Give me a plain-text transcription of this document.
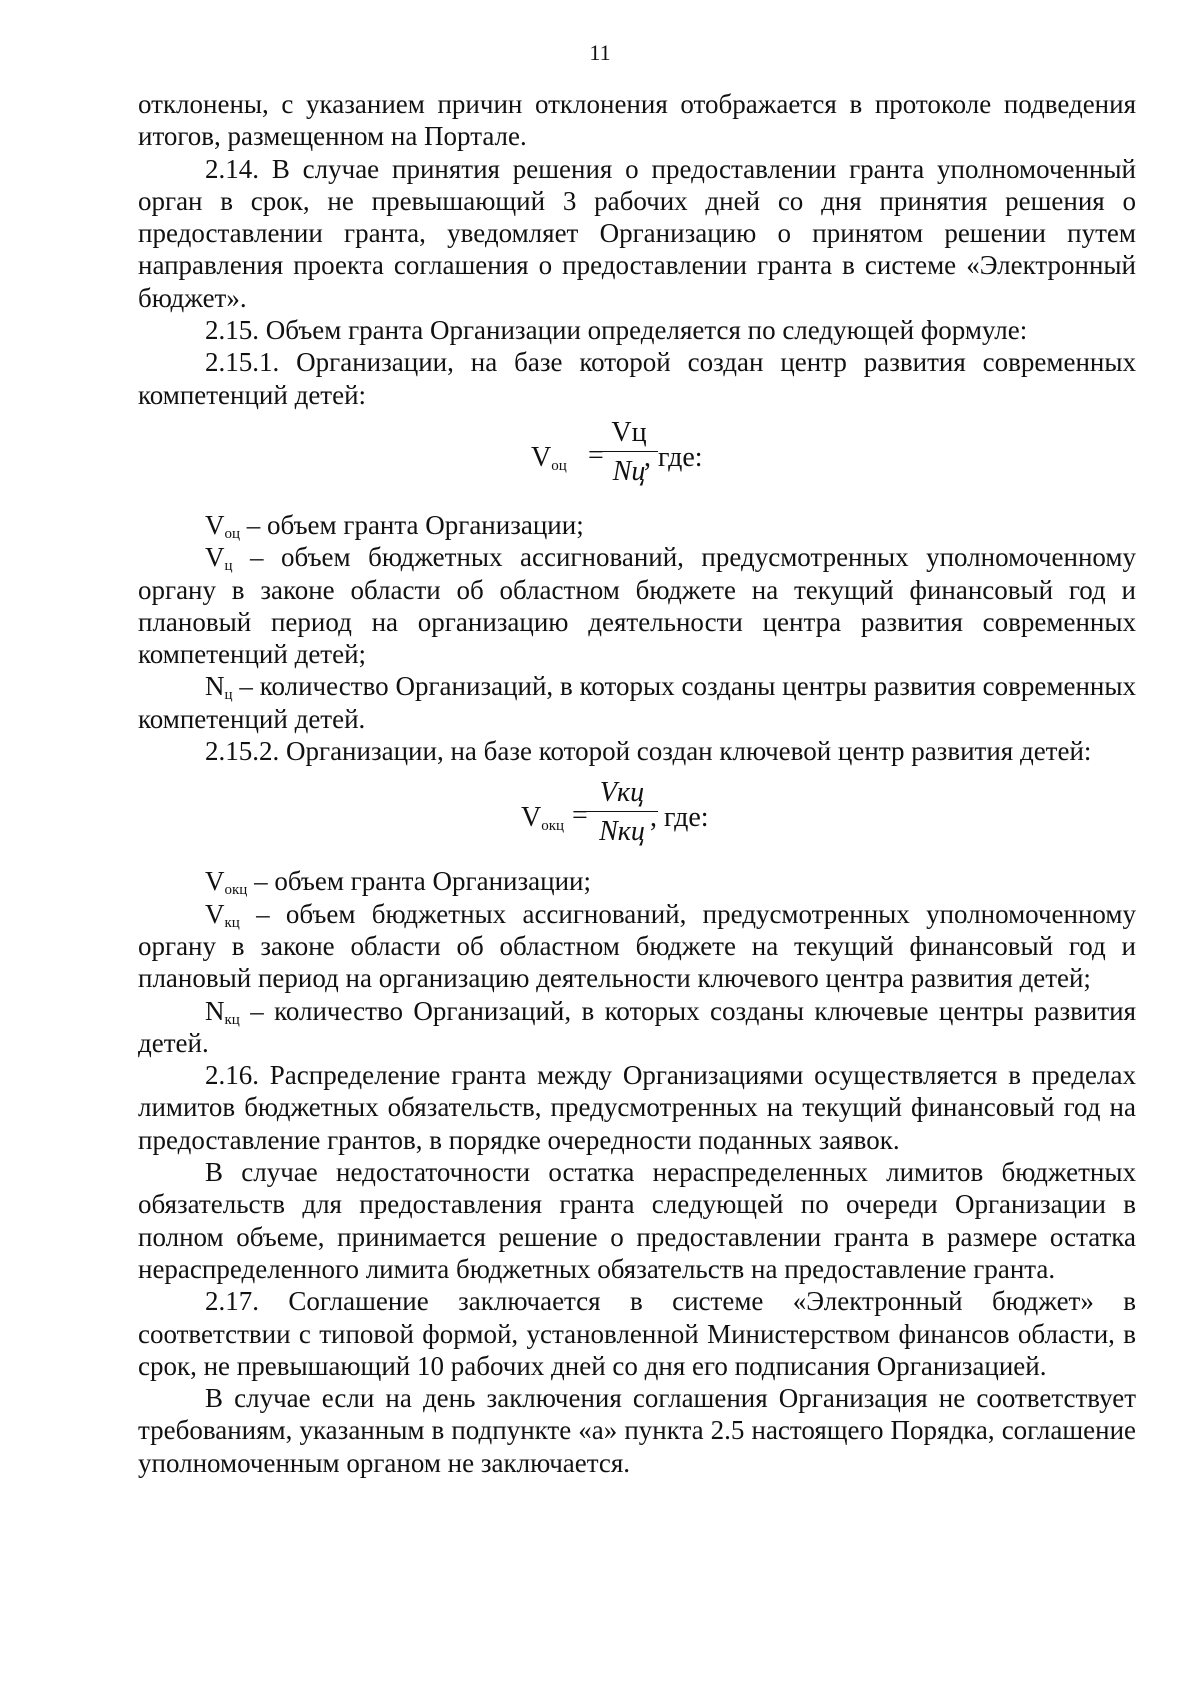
11

отклонены, с указанием причин отклонения отображается в протоколе подведения итогов, размещенном на Портале.

2.14. В случае принятия решения о предоставлении гранта уполномоченный орган в срок, не превышающий 3 рабочих дней со дня принятия решения о предоставлении гранта, уведомляет Организацию о принятом решении путем направления проекта соглашения о предоставлении гранта в системе «Электронный бюджет».

2.15. Объем гранта Организации определяется по следующей формуле:

2.15.1. Организации, на базе которой создан центр развития современных компетенций детей:

$V_{оц}$ =
Vц
Nц
, где:

$V_{оц}$ – объем гранта Организации;

$V_ц$ – объем бюджетных ассигнований, предусмотренных уполномоченному органу в законе области об областном бюджете на текущий финансовый год и плановый период на организацию деятельности центра развития современных компетенций детей;

$N_ц$ – количество Организаций, в которых созданы центры развития современных компетенций детей.

2.15.2. Организации, на базе которой создан ключевой центр развития детей:

$V_{окц}$ =
Vкц
Nкц , где:

$V_{окц}$ – объем гранта Организации;

$V_{кц}$ – объем бюджетных ассигнований, предусмотренных уполномоченному органу в законе области об областном бюджете на текущий финансовый год и плановый период на организацию деятельности ключевого центра развития детей;

$N_{кц}$ – количество Организаций, в которых созданы ключевые центры развития детей.

2.16. Распределение гранта между Организациями осуществляется в пределах лимитов бюджетных обязательств, предусмотренных на текущий финансовый год на предоставление грантов, в порядке очередности поданных заявок.

В случае недостаточности остатка нераспределенных лимитов бюджетных обязательств для предоставления гранта следующей по очереди Организации в полном объеме, принимается решение о предоставлении гранта в размере остатка нераспределенного лимита бюджетных обязательств на предоставление гранта.

2.17. Соглашение заключается в системе «Электронный бюджет» в соответствии с типовой формой, установленной Министерством финансов области, в срок, не превышающий 10 рабочих дней со дня его подписания Организацией.

В случае если на день заключения соглашения Организация не соответствует требованиям, указанным в подпункте «а» пункта 2.5 настоящего Порядка, соглашение уполномоченным органом не заключается.
